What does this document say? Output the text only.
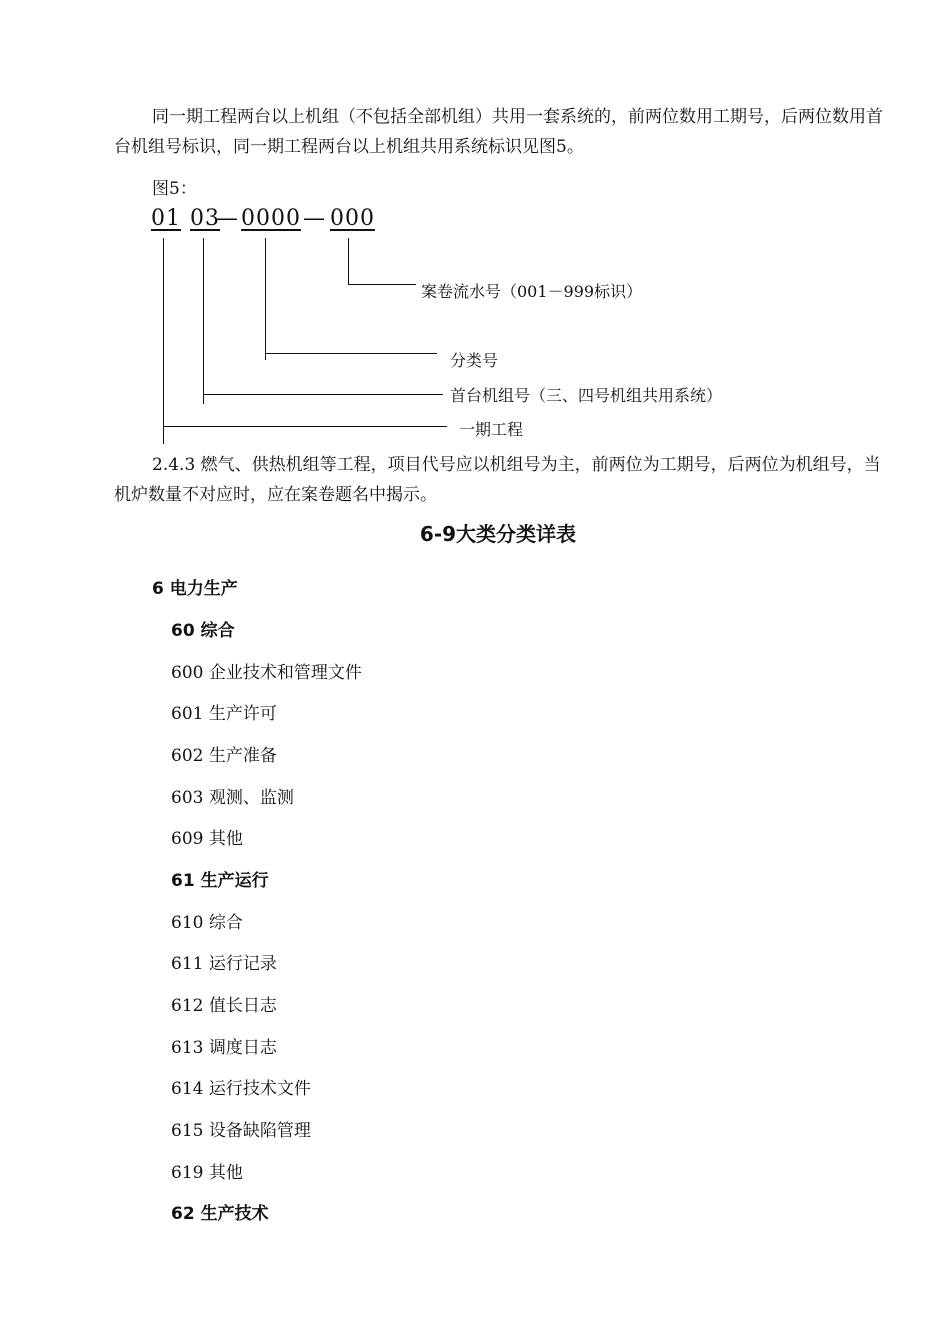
同一期工程两台以上机组（不包括全部机组）共用一套系统的，前两位数用工期号，后两位数用首台机组号标识，同一期工程两台以上机组共用系统标识见图5。

图5：
01 03
— 0000 — 000
案卷流水号（001－999标识）
分类号
首台机组号（三、四号机组共用系统）
一期工程

2.4.3 燃气、供热机组等工程，项目代号应以机组号为主，前两位为工期号，后两位为机组号，当机炉数量不对应时，应在案卷题名中揭示。

6-9大类分类详表
6 电力生产
60 综合
600 企业技术和管理文件
601 生产许可
602 生产准备
603 观测、监测
609 其他
61 生产运行
610 综合
611 运行记录
612 值长日志
613 调度日志
614 运行技术文件
615 设备缺陷管理
619 其他
62 生产技术
